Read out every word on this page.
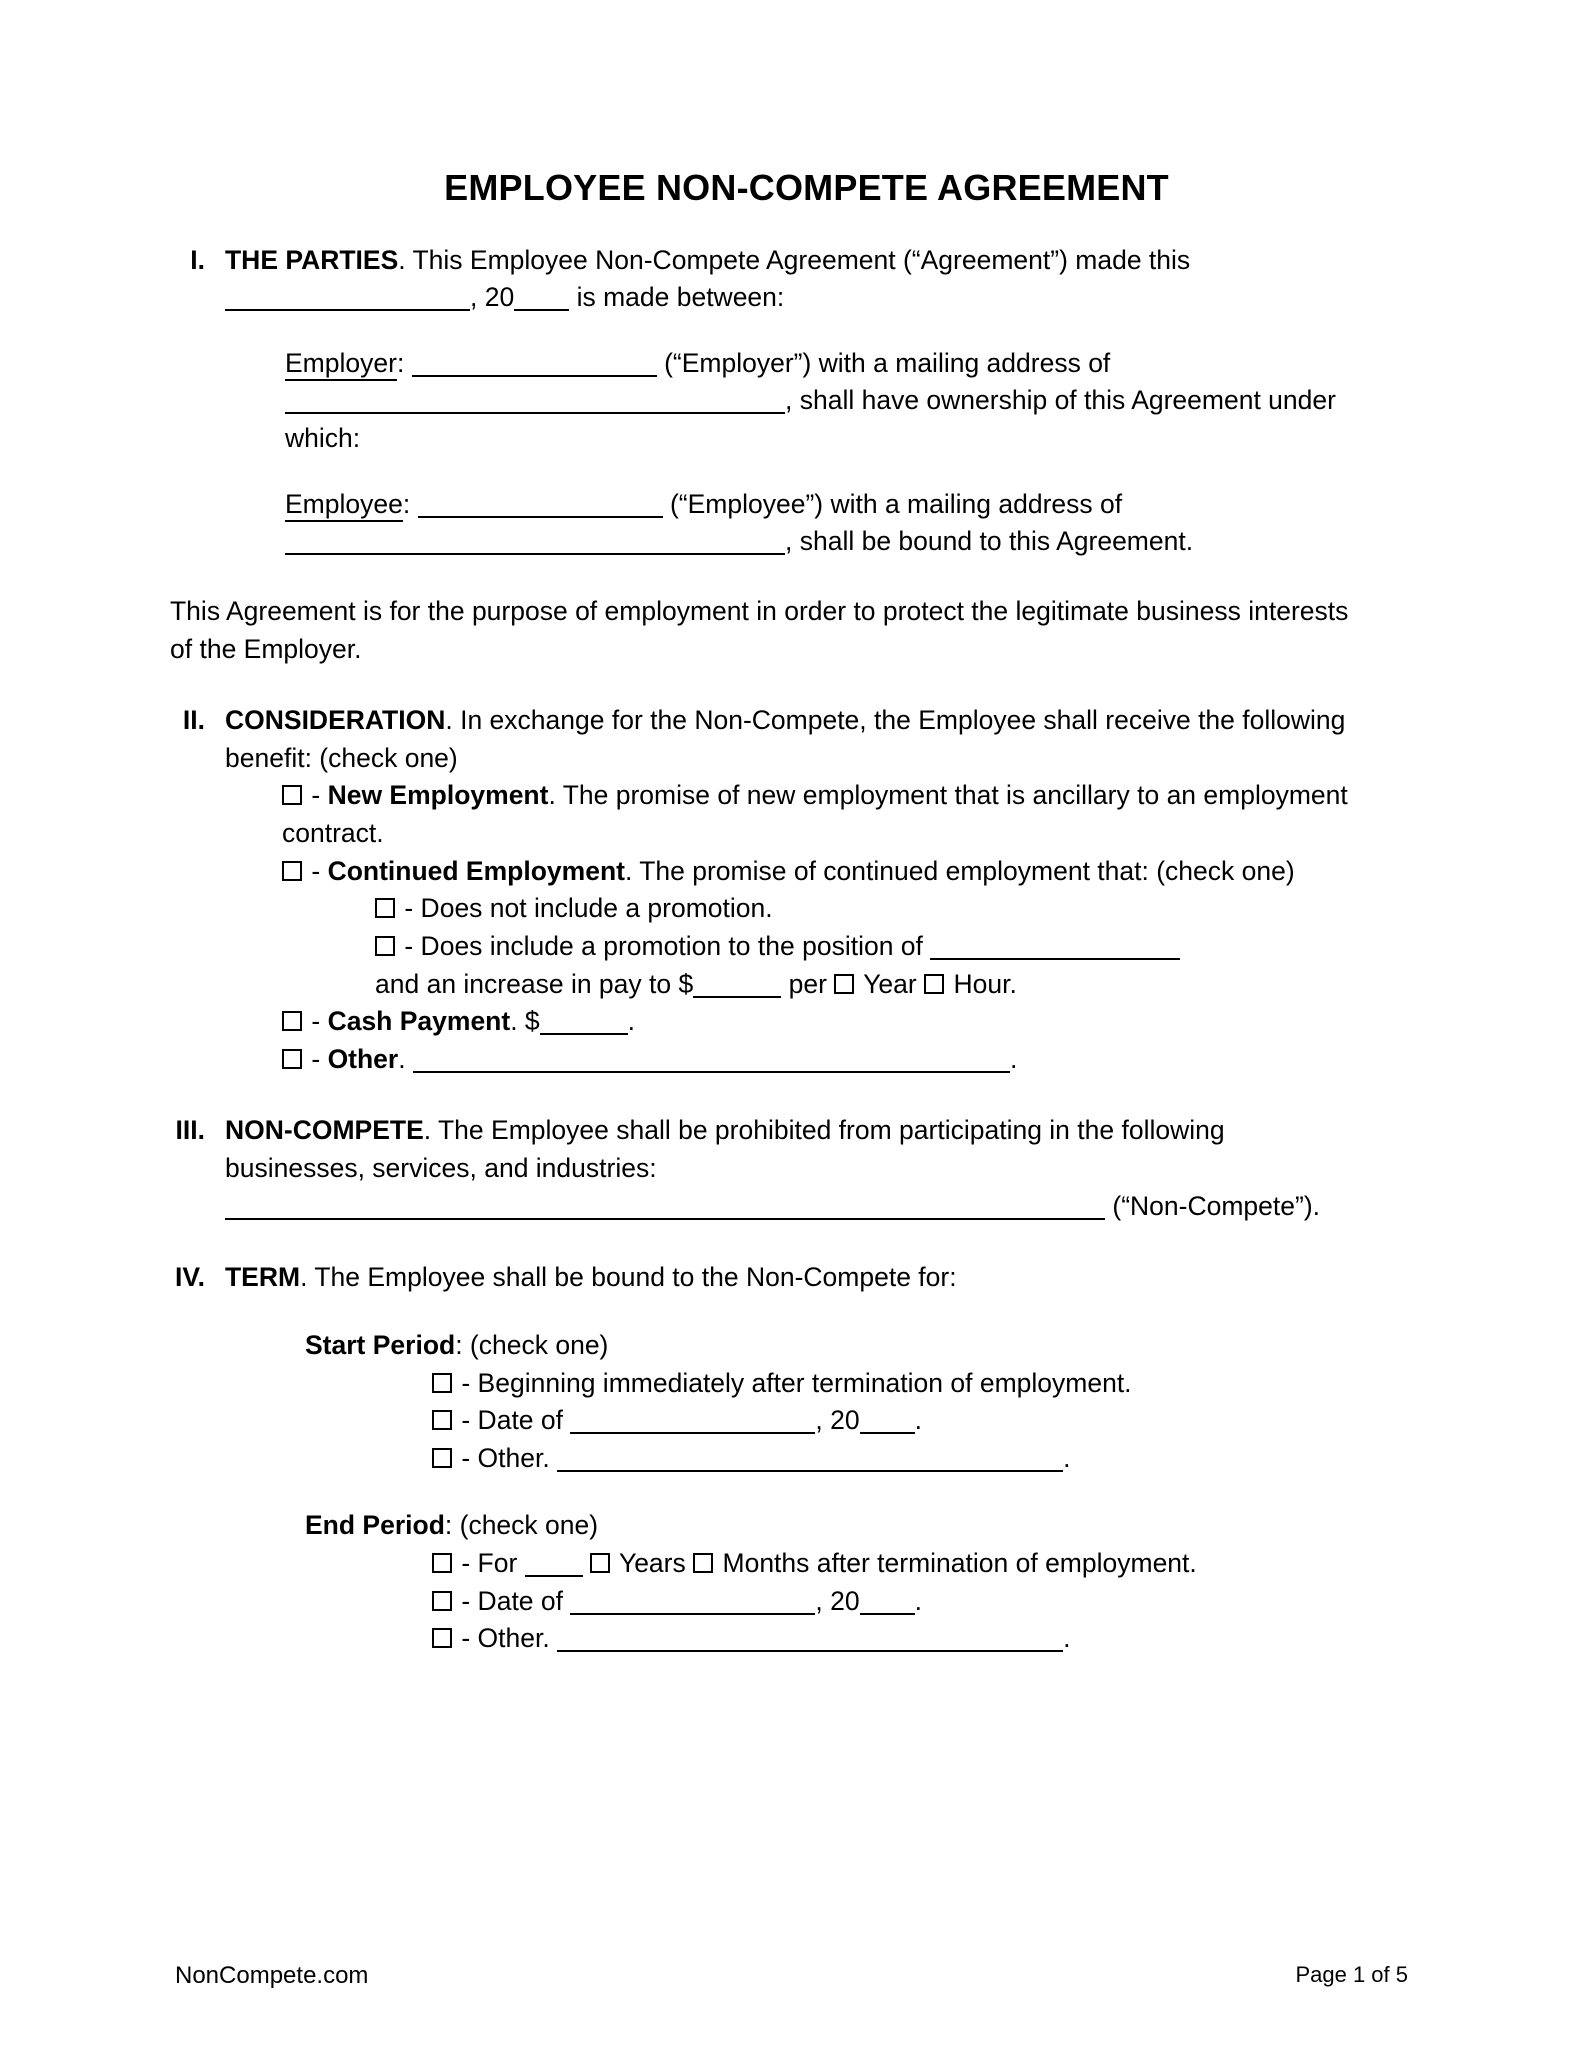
EMPLOYEE NON-COMPETE AGREEMENT
I. THE PARTIES. This Employee Non-Compete Agreement (“Agreement”) made this , 20 is made between:
Employer:	(“Employer”) with a mailing address of , shall have ownership of this Agreement under which:
Employee:	(“Employee”) with a mailing address of , shall be bound to this Agreement.
This Agreement is for the purpose of employment in order to protect the legitimate business interests of the Employer.
II. CONSIDERATION. In exchange for the Non-Compete, the Employee shall receive the following benefit: (check one)
- New Employment. The promise of new employment that is ancillary to an employment contract.
- Continued Employment. The promise of continued employment that: (check one)
- Does not include a promotion.
- Does include a promotion to the position of
and an increase in pay to $	per Year Hour.
- Cash Payment. $	.
- Other.	.
III. NON-COMPETE. The Employee shall be prohibited from participating in the following businesses, services, and industries:
(“Non-Compete”).
IV. TERM. The Employee shall be bound to the Non-Compete for:
Start Period: (check one)
- Beginning immediately after termination of employment.
- Date of	, 20 .
- Other.	.
End Period: (check one)
- For	Years Months after termination of employment.
- Date of	, 20 .
- Other.	.
NonCompete.com	Page 1 of 5
